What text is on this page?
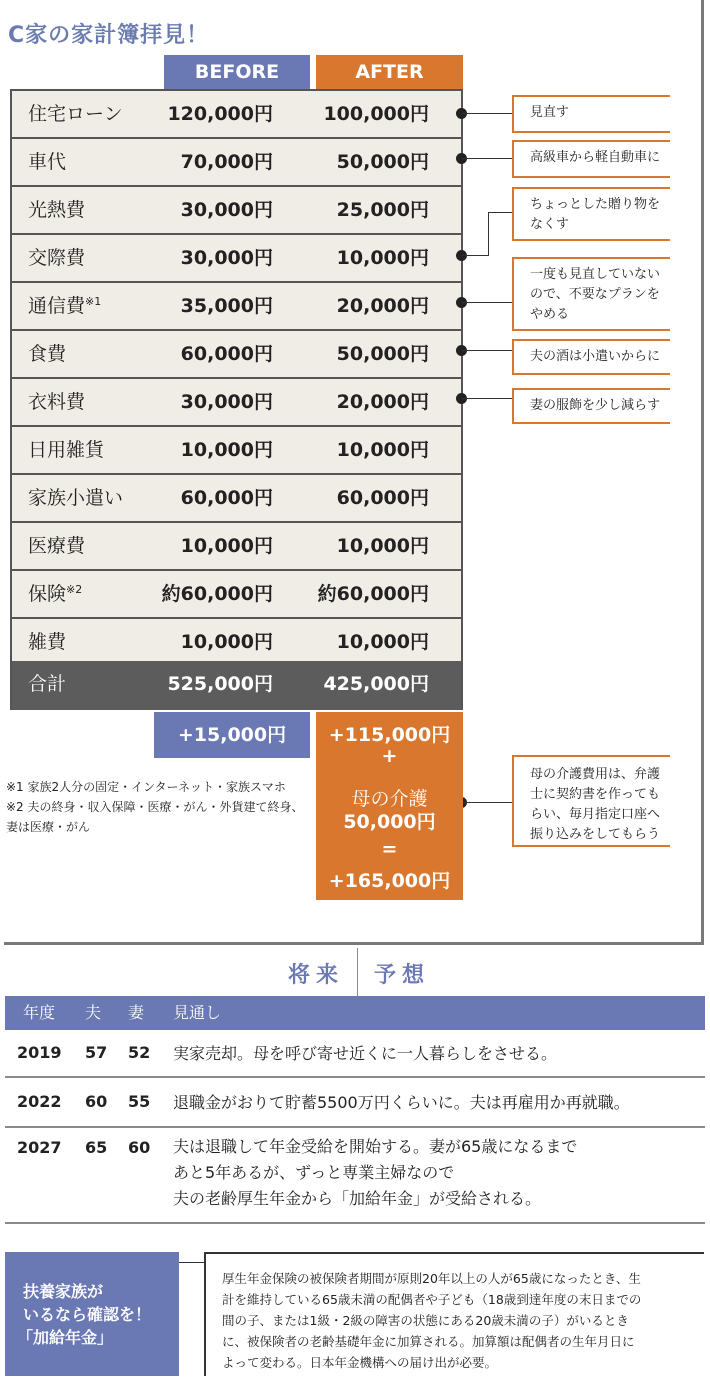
C家の家計簿拝見！
BEFORE	AFTER
住宅ローン 120,000円	100,000円
車代	70,000円	50,000円
光熱費	30,000円	25,000円
交際費	30,000円	10,000円
通信費$^{※1}$	35,000円	20,000円
食費	60,000円	50,000円
衣料費	30,000円	20,000円
日用雑貨	10,000円	10,000円
家族小遣い	60,000円	60,000円
医療費	10,000円	10,000円
保険$^{※2}$	約60,000円 約60,000円
雑費	10,000円	10,000円
合計	525,000円	425,000円
見直す
高級車から軽自動車に
ちょっとした贈り物を
なくす
一度も見直していない
ので、不要なプランを
やめる
夫の酒は小遣いからに
妻の服飾を少し減らす
+15,000円	+115,000円
+
母の介護
50,000円
=
+165,000円
母の介護費用は、弁護
士に契約書を作っても
らい、毎月指定口座へ
振り込みをしてもらう
※1 家族2人分の固定・インターネット・家族スマホ
※2 夫の終身・収入保障・医療・がん・外貨建て終身、
妻は医療・がん
将来 予想
年度 夫 妻 見通し
2019 57 52 実家売却。母を呼び寄せ近くに一人暮らしをさせる。
2022 60 55 退職金がおりて貯蓄5500万円くらいに。夫は再雇用か再就職。
2027 65 60 夫は退職して年金受給を開始する。妻が65歳になるまで
あと5年あるが、ずっと専業主婦なので
夫の老齢厚生年金から「加給年金」が受給される。
扶養家族が
いるなら確認を！
「加給年金」
厚生年金保険の被保険者期間が原則20年以上の人が65歳になったとき、生
計を維持している65歳未満の配偶者や子ども（18歳到達年度の末日までの
間の子、または1級・2級の障害の状態にある20歳未満の子）がいるとき
に、被保険者の老齢基礎年金に加算される。加算額は配偶者の生年月日に
よって変わる。日本年金機構への届け出が必要。
